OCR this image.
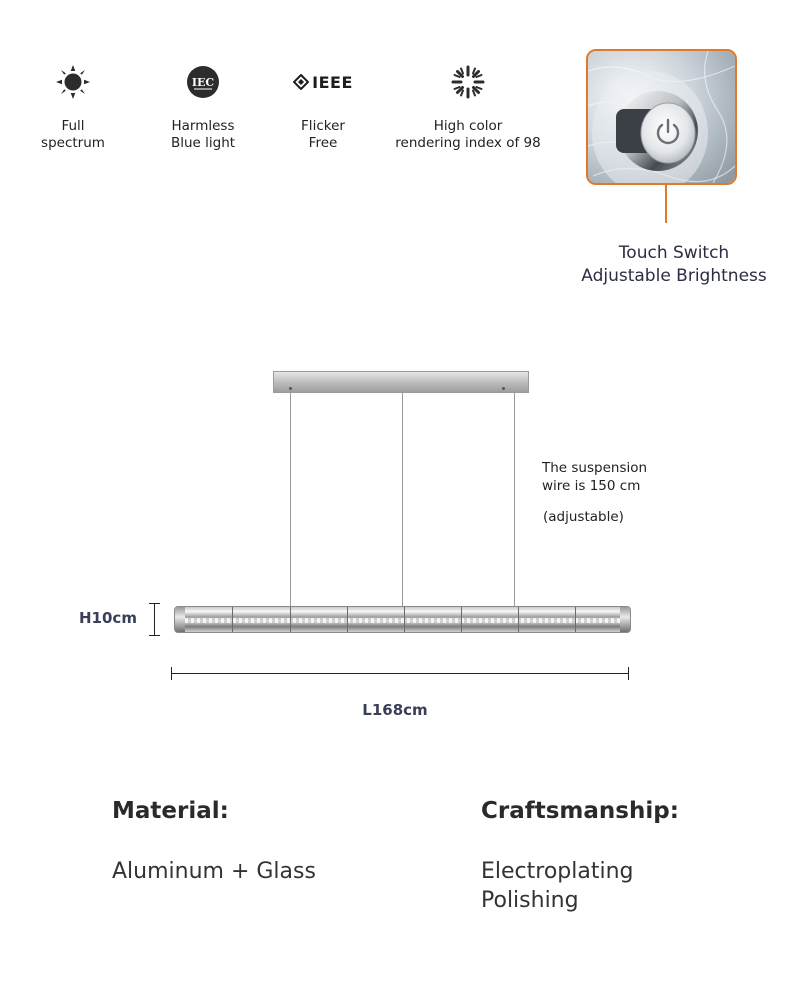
Full
spectrum
IEC
Harmless
Blue light
IEEE
Flicker
Free
High color
rendering index of 98
Touch Switch
Adjustable Brightness
The suspension
wire is 150 cm
(adjustable)
H10cm
L168cm
Material:
Aluminum + Glass
Craftsmanship:
Electroplating
Polishing
